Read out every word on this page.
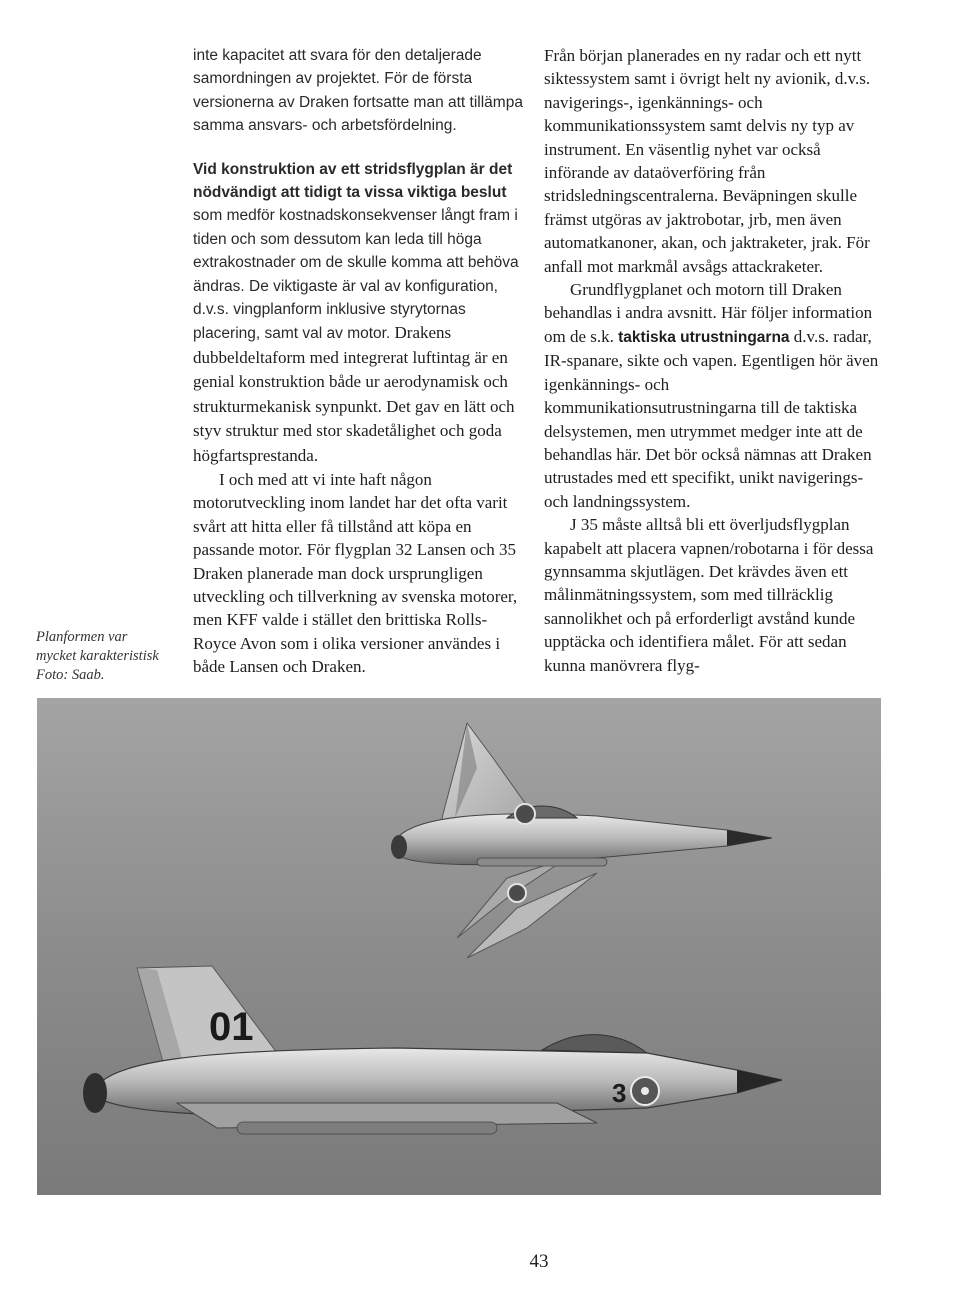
inte kapacitet att svara för den detaljerade samordningen av projektet. För de första versionerna av Draken fortsatte man att tillämpa samma ansvars- och arbetsfördelning.

Vid konstruktion av ett stridsflygplan är det nödvändigt att tidigt ta vissa viktiga beslut som medför kostnadskonsekvenser långt fram i tiden och som dessutom kan leda till höga extrakostnader om de skulle komma att behöva ändras. De viktigaste är val av konfiguration, d.v.s. vingplanform inklusive styrytornas placering, samt val av motor. Drakens dubbeldeltaform med integrerat luftintag är en genial konstruktion både ur aerodynamisk och strukturmekanisk synpunkt. Det gav en lätt och styv struktur med stor skadetålighet och goda högfartsprestanda.

I och med att vi inte haft någon motorutveckling inom landet har det ofta varit svårt att hitta eller få tillstånd att köpa en passande motor. För flygplan 32 Lansen och 35 Draken planerade man dock ursprungligen utveckling och tillverkning av svenska motorer, men KFF valde i stället den brittiska Rolls-Royce Avon som i olika versioner användes i både Lansen och Draken.

Från början planerades en ny radar och ett nytt siktessystem samt i övrigt helt ny avionik, d.v.s. navigerings-, igenkännings- och kommunikationssystem samt delvis ny typ av instrument. En väsentlig nyhet var också införande av dataöverföring från stridsledningscentralerna. Beväpningen skulle främst utgöras av jaktrobotar, jrb, men även automatkanoner, akan, och jaktraketer, jrak. För anfall mot markmål avsågs attackraketer.

Grundflygplanet och motorn till Draken behandlas i andra avsnitt. Här följer information om de s.k. taktiska utrustningarna d.v.s. radar, IR-spanare, sikte och vapen. Egentligen hör även igenkännings- och kommunikationsutrustningarna till de taktiska delsystemen, men utrymmet medger inte att de behandlas här. Det bör också nämnas att Draken utrustades med ett specifikt, unikt navigerings- och landningssystem.

J 35 måste alltså bli ett överljudsflygplan kapabelt att placera vapnen/robotarna i för dessa gynnsamma skjutlägen. Det krävdes även ett målinmätningssystem, som med tillräcklig sannolikhet och på erforderligt avstånd kunde upptäcka och identifiera målet. För att sedan kunna manövrera flyg-

Planformen var
mycket karakteristisk
Foto: Saab.
01
3
43
